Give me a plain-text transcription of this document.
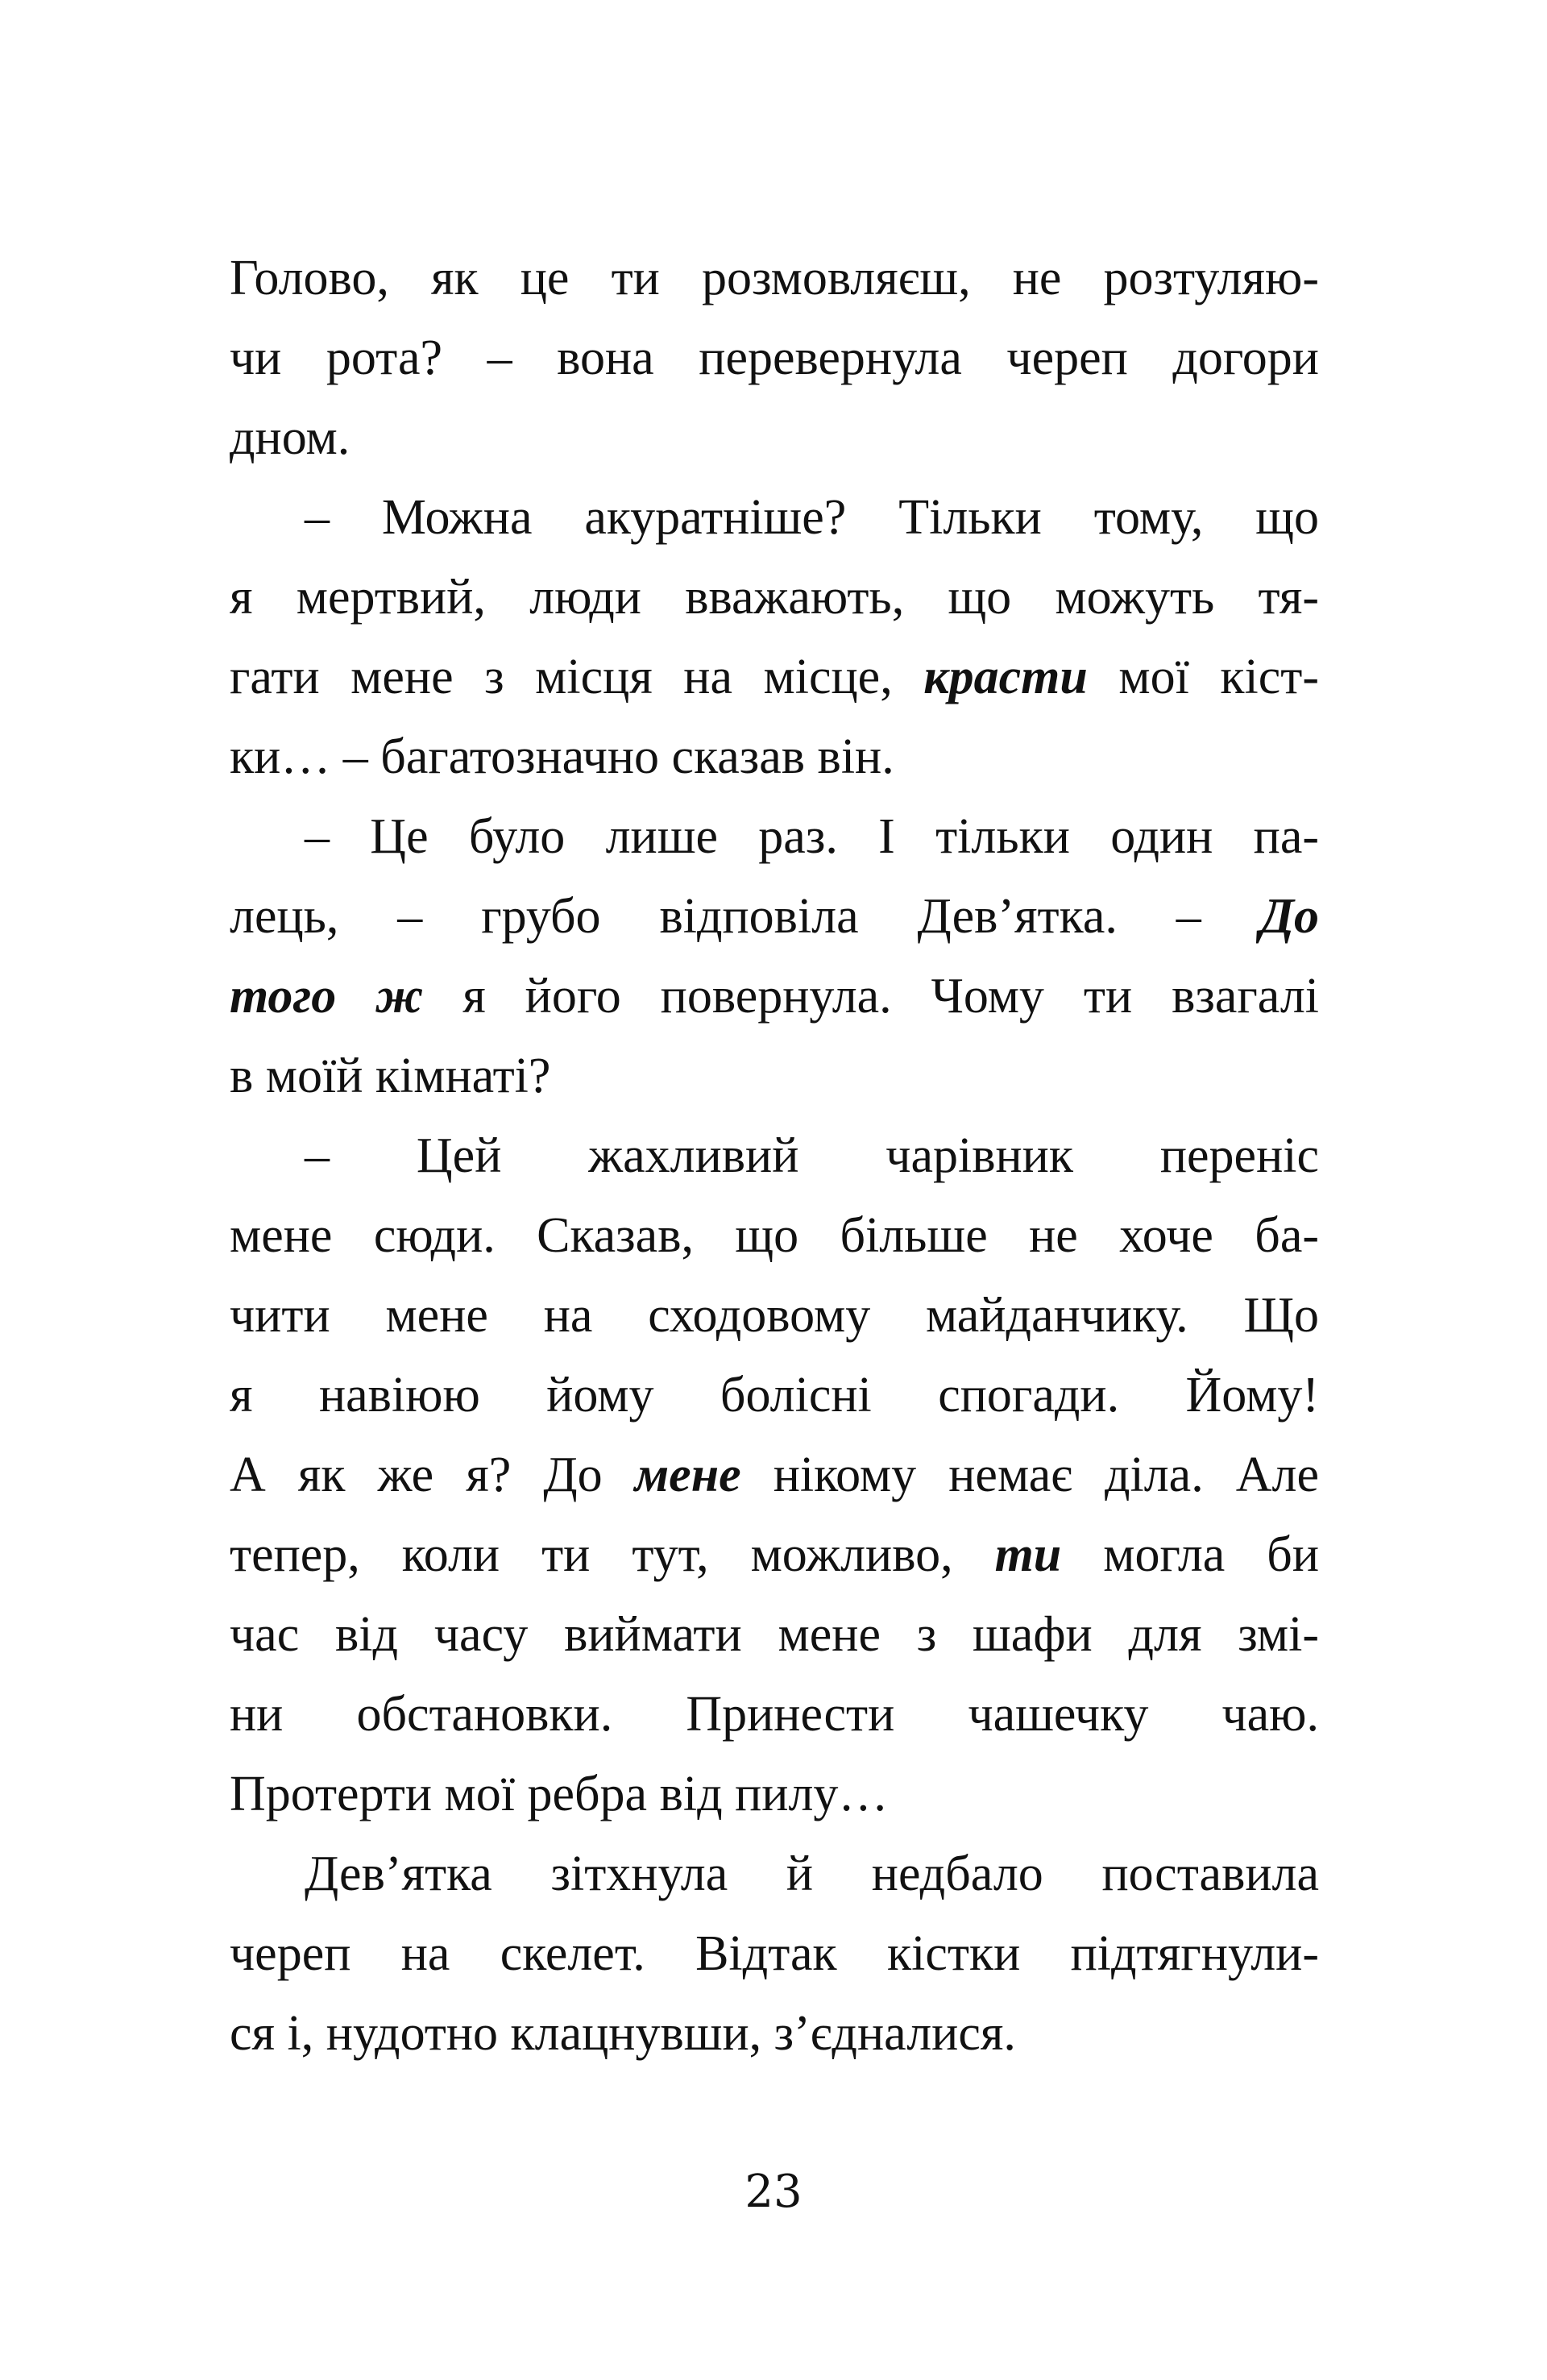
Голово, як це ти розмовляєш, не розтуляю-
чи рота? – вона перевернула череп догори
дном.
– Можна акуратніше? Тільки тому, що
я мертвий, люди вважають, що можуть тя-
гати мене з місця на місце, красти мої кіст-
ки… – багатозначно сказав він.
– Це було лише раз. І тільки один па-
лець, – грубо відповіла Дев’ятка. – До
того ж я його повернула. Чому ти взагалі
в моїй кімнаті?
– Цей жахливий чарівник переніс
мене сюди. Сказав, що більше не хоче ба-
чити мене на сходовому майданчику. Що
я навіюю йому болісні спогади. Йому!
А як же я? До мене нікому немає діла. Але
тепер, коли ти тут, можливо, ти могла би
час від часу виймати мене з шафи для змі-
ни обстановки. Принести чашечку чаю.
Протерти мої ребра від пилу…
Дев’ятка зітхнула й недбало поставила
череп на скелет. Відтак кістки підтягнули-
ся і, нудотно клацнувши, з’єдналися.
23
